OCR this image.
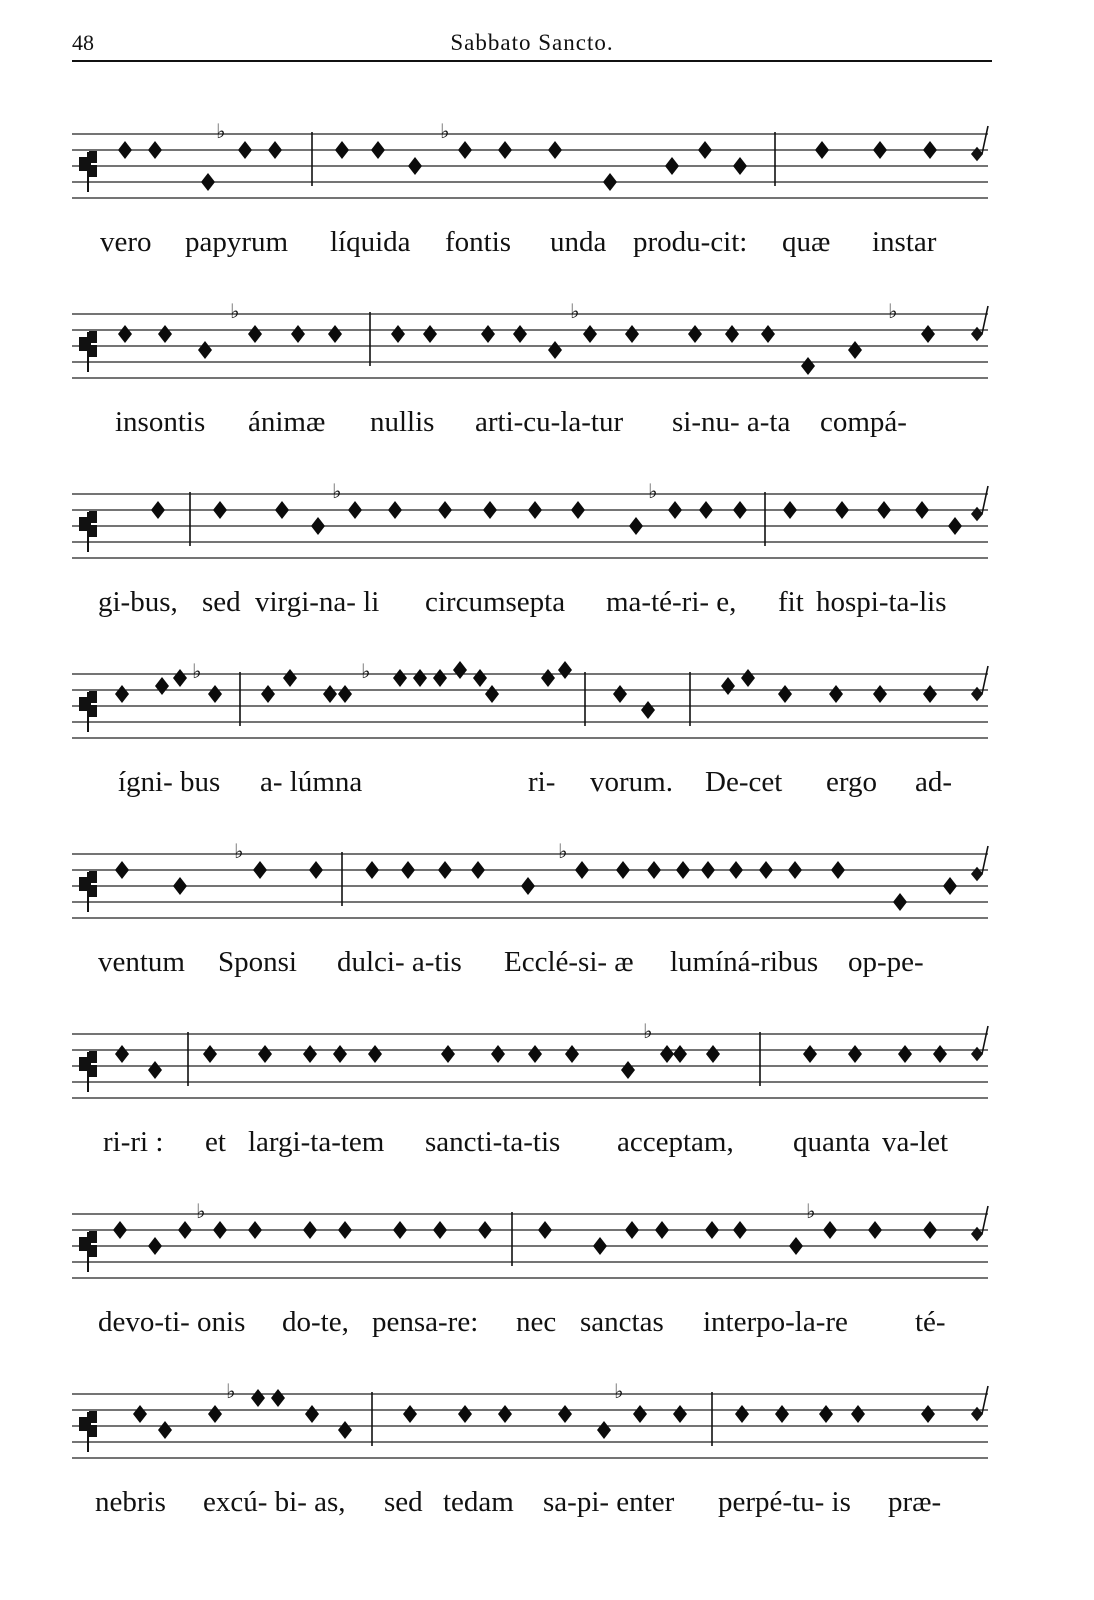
48	Sabbato Sancto.
♭	♭
vero papyrum líquida fontis unda produ-cit: quæ instar
♭	♭	♭
insontis ánimæ nullis arti-cu-la-tur si-nu- a-ta compá-
♭	♭
gi-bus, sed virgi-na- li circumsepta ma-té-ri- e, fit hospi-ta-lis
♭	♭
ígni- bus a- lúmna	ri- vorum. De-cet ergo ad-
♭	♭
ventum Sponsi dulci- a-tis Ecclé-si- æ lumíná-ribus op-pe-
♭
ri-ri : et largi-ta-tem sancti-ta-tis acceptam, quanta va-let
♭	♭
devo-ti- onis do-te, pensa-re: nec sanctas interpo-la-re té-
♭	♭
nebris excú- bi- as, sed tedam sa-pi- enter perpé-tu- is præ-
